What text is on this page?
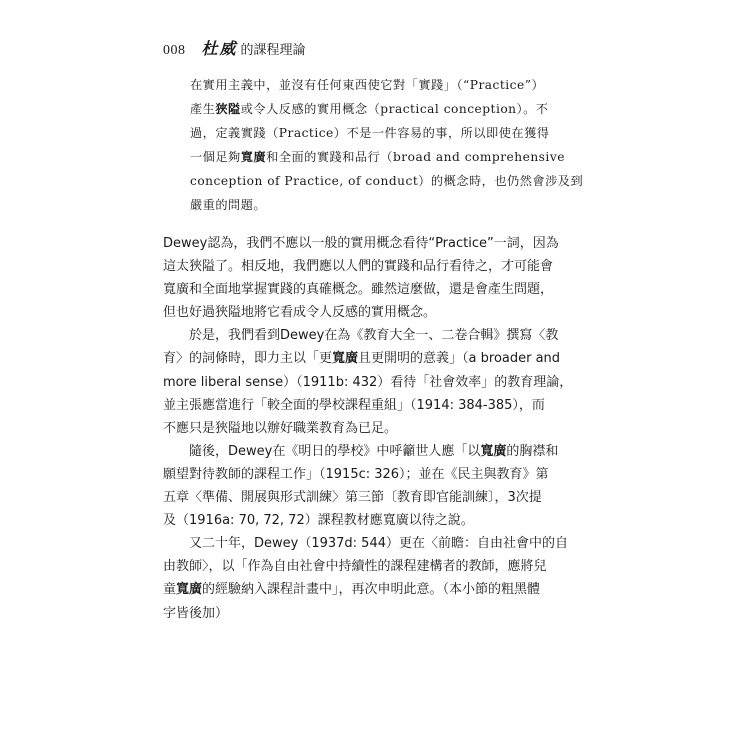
008 杜威 的課程理論
在實用主義中，並沒有任何東西使它對「實踐」（“Practice”）
產生狹隘或令人反感的實用概念（practical conception）。不
過，定義實踐（Practice）不是一件容易的事，所以即使在獲得
一個足夠寬廣和全面的實踐和品行（broad and comprehensive
conception of Practice, of conduct）的概念時，也仍然會涉及到
嚴重的問題。
Dewey認為，我們不應以一般的實用概念看待“Practice”一詞，因為
這太狹隘了。相反地，我們應以人們的實踐和品行看待之，才可能會
寬廣和全面地掌握實踐的真確概念。雖然這麼做，還是會產生問題，
但也好過狹隘地將它看成令人反感的實用概念。
於是，我們看到Dewey在為《教育大全一、二卷合輯》撰寫〈教
育〉的詞條時，即力主以「更寬廣且更開明的意義」（a broader and
more liberal sense）（1911b: 432）看待「社會效率」的教育理論，
並主張應當進行「較全面的學校課程重組」（1914: 384-385），而
不應只是狹隘地以辦好職業教育為已足。
隨後，Dewey在《明日的學校》中呼籲世人應「以寬廣的胸襟和
願望對待教師的課程工作」（1915c: 326）；並在《民主與教育》第
五章〈準備、開展與形式訓練〉第三節〔教育即官能訓練〕，3次提
及（1916a: 70, 72, 72）課程教材應寬廣以待之說。
又二十年，Dewey（1937d: 544）更在〈前瞻：自由社會中的自
由教師〉，以「作為自由社會中持續性的課程建構者的教師，應將兒
童寬廣的經驗納入課程計畫中」，再次申明此意。（本小節的粗黑體
字皆後加）
